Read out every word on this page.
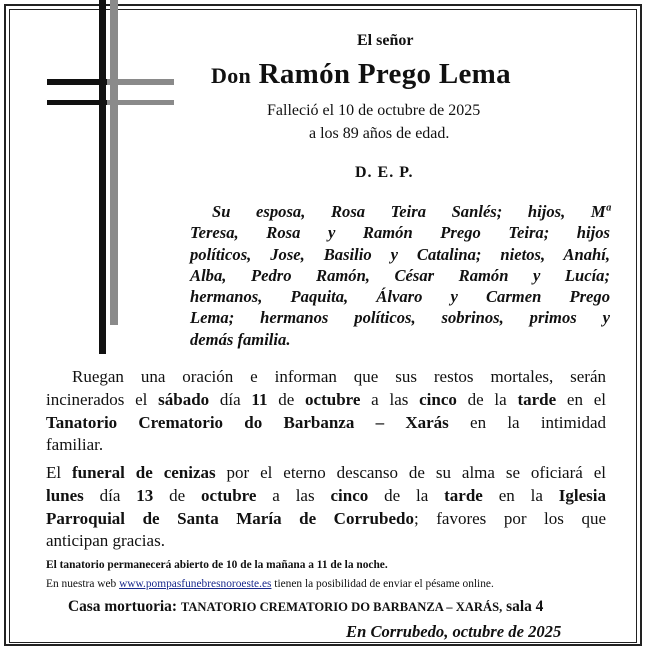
El señor
Don Ramón Prego Lema
Falleció el 10 de octubre de 2025
a los 89 años de edad.
D. E. P.
Su esposa, Rosa Teira Sanlés; hijos, Mª
Teresa, Rosa y Ramón Prego Teira; hijos
políticos, Jose, Basilio y Catalina; nietos, Anahí,
Alba, Pedro Ramón, César Ramón y Lucía;
hermanos, Paquita, Álvaro y Carmen Prego
Lema; hermanos políticos, sobrinos, primos y
demás familia.
Ruegan una oración e informan que sus restos mortales, serán
incinerados el sábado día 11 de octubre a las cinco de la tarde en el
Tanatorio Crematorio do Barbanza – Xarás en la intimidad
familiar.
El funeral de cenizas por el eterno descanso de su alma se oficiará el
lunes día 13 de octubre a las cinco de la tarde en la Iglesia
Parroquial de Santa María de Corrubedo; favores por los que
anticipan gracias.
El tanatorio permanecerá abierto de 10 de la mañana a 11 de la noche.
En nuestra web www.pompasfunebresnoroeste.es tienen la posibilidad de enviar el pésame online.
Casa mortuoria: TANATORIO CREMATORIO DO BARBANZA – XARÁS, sala 4
En Corrubedo, octubre de 2025
